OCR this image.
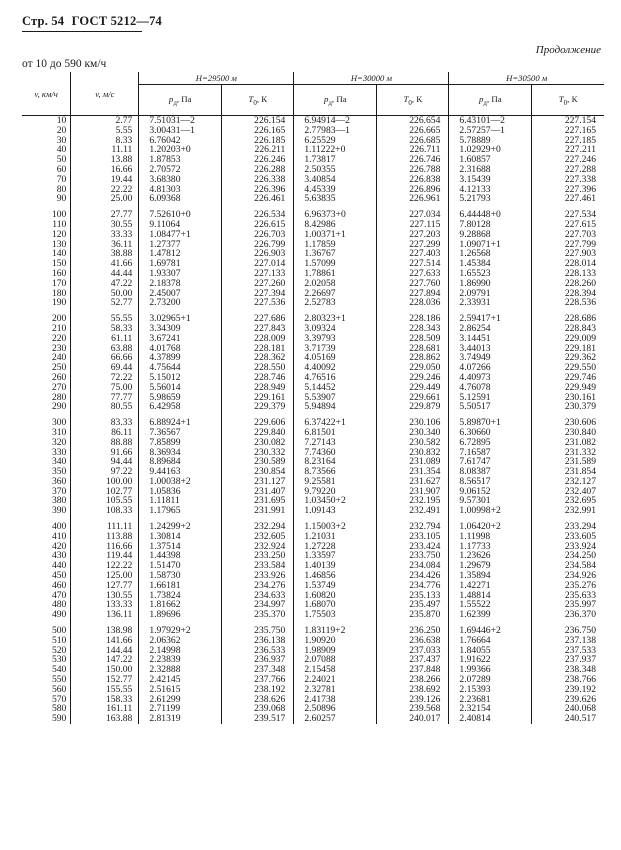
Стр. 54 ГОСТ 5212—74
Продолжение
от 10 до 590 км/ч
v, км/ч	v, м/с	H=29500 м		H=30000 м		H=30500 м	
		$p_д$, Па	$T_0$, К	$p_д$, Па	$T_0$, К	$p_д$, Па	$T_0$, К
10	2.77	7.51031—2	226.154	6.94914—2	226.654	6.43101—2	227.154
20	5.55	3.00431—1	226.165	2.77983—1	226.665	2.57257—1	227.165
30	8.33	6.76042	226.185	6.25529	226.685	5.78889	227.185
40	11.11	1.20203+0	226.211	1.11222+0	226.711	1.02929+0	227.211
50	13.88	1.87853	226.246	1.73817	226.746	1.60857	227.246
60	16.66	2.70572	226.288	2.50355	226.788	2.31688	227.288
70	19.44	3.68380	226.338	3.40854	226.838	3.15439	227.338
80	22.22	4.81303	226.396	4.45339	226.896	4.12133	227.396
90	25.00	6.09368	226.461	5.63835	226.961	5.21793	227.461
100	27.77	7.52610+0	226.534	6.96373+0	227.034	6.44448+0	227.534
110	30.55	9.11064	226.615	8.42986	227.115	7.80128	227.615
120	33.33	1.08477+1	226.703	1.00371+1	227.203	9.28868	227.703
130	36.11	1.27377	226.799	1.17859	227.299	1.09071+1	227.799
140	38.88	1.47812	226.903	1.36767	227.403	1.26568	227.903
150	41.66	1.69781	227.014	1.57099	227.514	1.45384	228.014
160	44.44	1.93307	227.133	1.78861	227.633	1.65523	228.133
170	47.22	2.18378	227.260	2.02058	227.760	1.86990	228.260
180	50.00	2.45007	227.394	2.26697	227.894	2.09791	228.394
190	52.77	2.73200	227.536	2.52783	228.036	2.33931	228.536
200	55.55	3.02965+1	227.686	2.80323+1	228.186	2.59417+1	228.686
210	58.33	3.34309	227.843	3.09324	228.343	2.86254	228.843
220	61.11	3.67241	228.009	3.39793	228.509	3.14451	229.009
230	63.88	4.01768	228.181	3.71739	228.681	3.44013	229.181
240	66.66	4.37899	228.362	4.05169	228.862	3.74949	229.362
250	69.44	4.75644	228.550	4.40092	229.050	4.07266	229.550
260	72.22	5.15012	228.746	4.76516	229.246	4.40973	229.746
270	75.00	5.56014	228.949	5.14452	229.449	4.76078	229.949
280	77.77	5.98659	229.161	5.53907	229.661	5.12591	230.161
290	80.55	6.42958	229.379	5.94894	229.879	5.50517	230.379
300	83.33	6.88924+1	229.606	6.37422+1	230.106	5.89870+1	230.606
310	86.11	7.36567	229.840	6.81501	230.340	6.30660	230.840
320	88.88	7.85899	230.082	7.27143	230.582	6.72895	231.082
330	91.66	8.36934	230.332	7.74360	230.832	7.16587	231.332
340	94.44	8.89684	230.589	8.23164	231.089	7.61747	231.589
350	97.22	9.44163	230.854	8.73566	231.354	8.08387	231.854
360	100.00	1.00038+2	231.127	9.25581	231.627	8.56517	232.127
370	102.77	1.05836	231.407	9.79220	231.907	9.06152	232.407
380	105.55	1.11811	231.695	1.03450+2	232.195	9.57301	232.695
390	108.33	1.17965	231.991	1.09143	232.491	1.00998+2	232.991
400	111.11	1.24299+2	232.294	1.15003+2	232.794	1.06420+2	233.294
410	113.88	1.30814	232.605	1.21031	233.105	1.11998	233.605
420	116.66	1.37514	232.924	1.27228	233.424	1.17733	233.924
430	119.44	1.44398	233.250	1.33597	233.750	1.23626	234.250
440	122.22	1.51470	233.584	1.40139	234.084	1.29679	234.584
450	125.00	1.58730	233.926	1.46856	234.426	1.35894	234.926
460	127.77	1.66181	234.276	1.53749	234.776	1.42271	235.276
470	130.55	1.73824	234.633	1.60820	235.133	1.48814	235.633
480	133.33	1.81662	234.997	1.68070	235.497	1.55522	235.997
490	136.11	1.89696	235.370	1.75503	235.870	1.62399	236.370
500	138.98	1.97929+2	235.750	1.83119+2	236.250	1.69446+2	236.750
510	141.66	2.06362	236.138	1.90920	236.638	1.76664	237.138
520	144.44	2.14998	236.533	1.98909	237.033	1.84055	237.533
530	147.22	2.23839	236.937	2.07088	237.437	1.91622	237.937
540	150.00	2.32888	237.348	2.15458	237.848	1.99366	238.348
550	152.77	2.42145	237.766	2.24021	238.266	2.07289	238.766
560	155.55	2.51615	238.192	2.32781	238.692	2.15393	239.192
570	158.33	2.61299	238.626	2.41738	239.126	2.23681	239.626
580	161.11	2.71199	239.068	2.50896	239.568	2.32154	240.068
590	163.88	2.81319	239.517	2.60257	240.017	2.40814	240.517
